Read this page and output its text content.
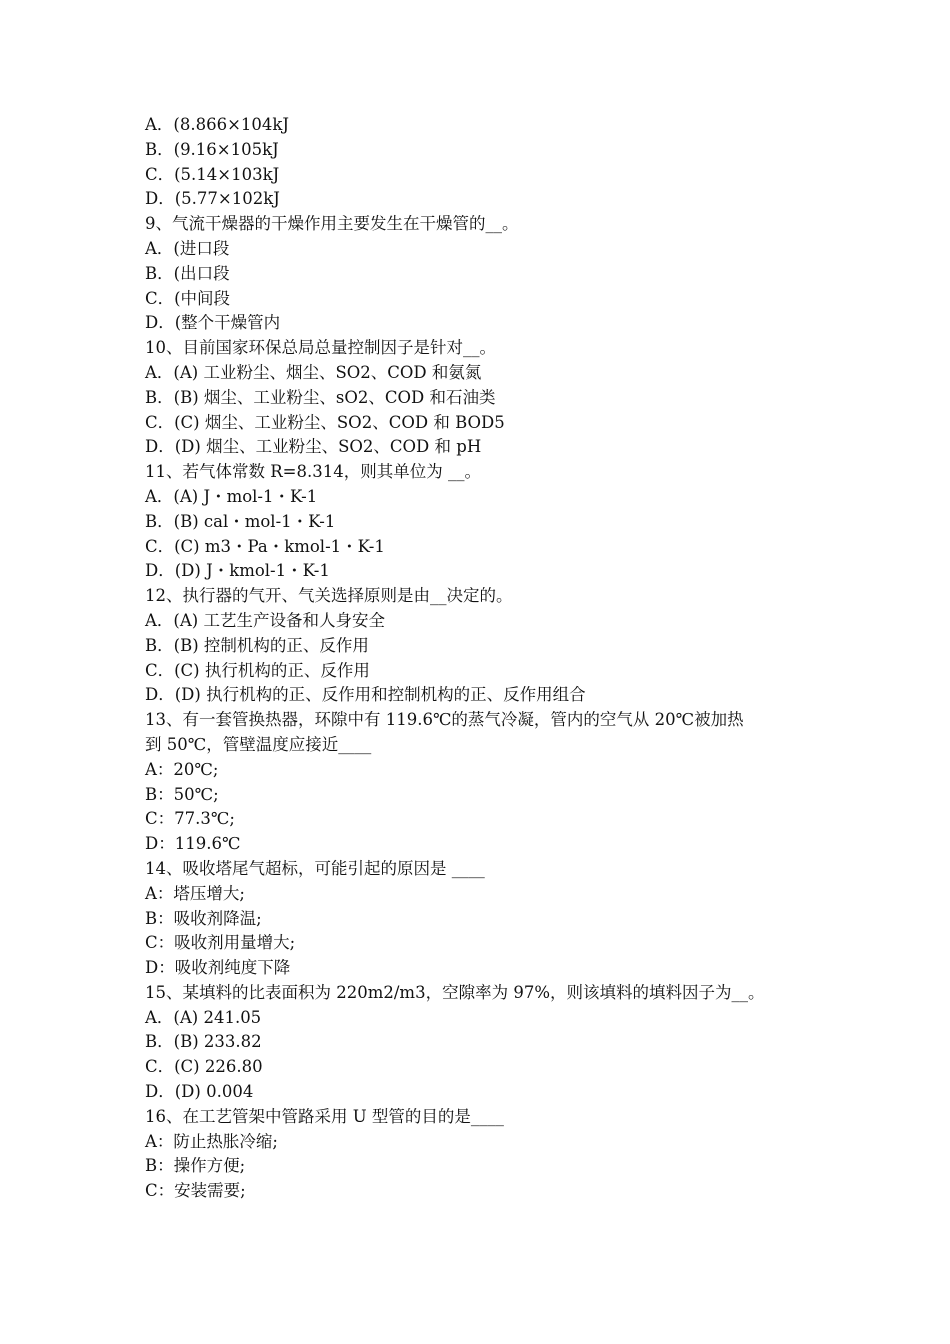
A．(8.866×104kJ
B．(9.16×105kJ
C．(5.14×103kJ
D．(5.77×102kJ
9、气流干燥器的干燥作用主要发生在干燥管的__。
A．(进口段
B．(出口段
C．(中间段
D．(整个干燥管内
10、目前国家环保总局总量控制因子是针对__。
A．(A) 工业粉尘、烟尘、SO2、COD 和氨氮
B．(B) 烟尘、工业粉尘、sO2、COD 和石油类
C．(C) 烟尘、工业粉尘、SO2、COD 和 BOD5
D．(D) 烟尘、工业粉尘、SO2、COD 和 pH
11、若气体常数 R=8.314，则其单位为 __。
A．(A) J・mol-1・K-1
B．(B) cal・mol-1・K-1
C．(C) m3・Pa・kmol-1・K-1
D．(D) J・kmol-1・K-1
12、执行器的气开、气关选择原则是由__决定的。
A．(A) 工艺生产设备和人身安全
B．(B) 控制机构的正、反作用
C．(C) 执行机构的正、反作用
D．(D) 执行机构的正、反作用和控制机构的正、反作用组合
13、有一套管换热器，环隙中有 119.6℃的蒸气冷凝，管内的空气从 20℃被加热
到 50℃，管壁温度应接近____
A：20℃;
B：50℃;
C：77.3℃;
D：119.6℃
14、吸收塔尾气超标，可能引起的原因是 ____
A：塔压增大;
B：吸收剂降温;
C：吸收剂用量增大;
D：吸收剂纯度下降
15、某填料的比表面积为 220m2/m3，空隙率为 97%，则该填料的填料因子为__。
A．(A) 241.05
B．(B) 233.82
C．(C) 226.80
D．(D) 0.004
16、在工艺管架中管路采用 U 型管的目的是____
A：防止热胀冷缩;
B：操作方便;
C：安装需要;
